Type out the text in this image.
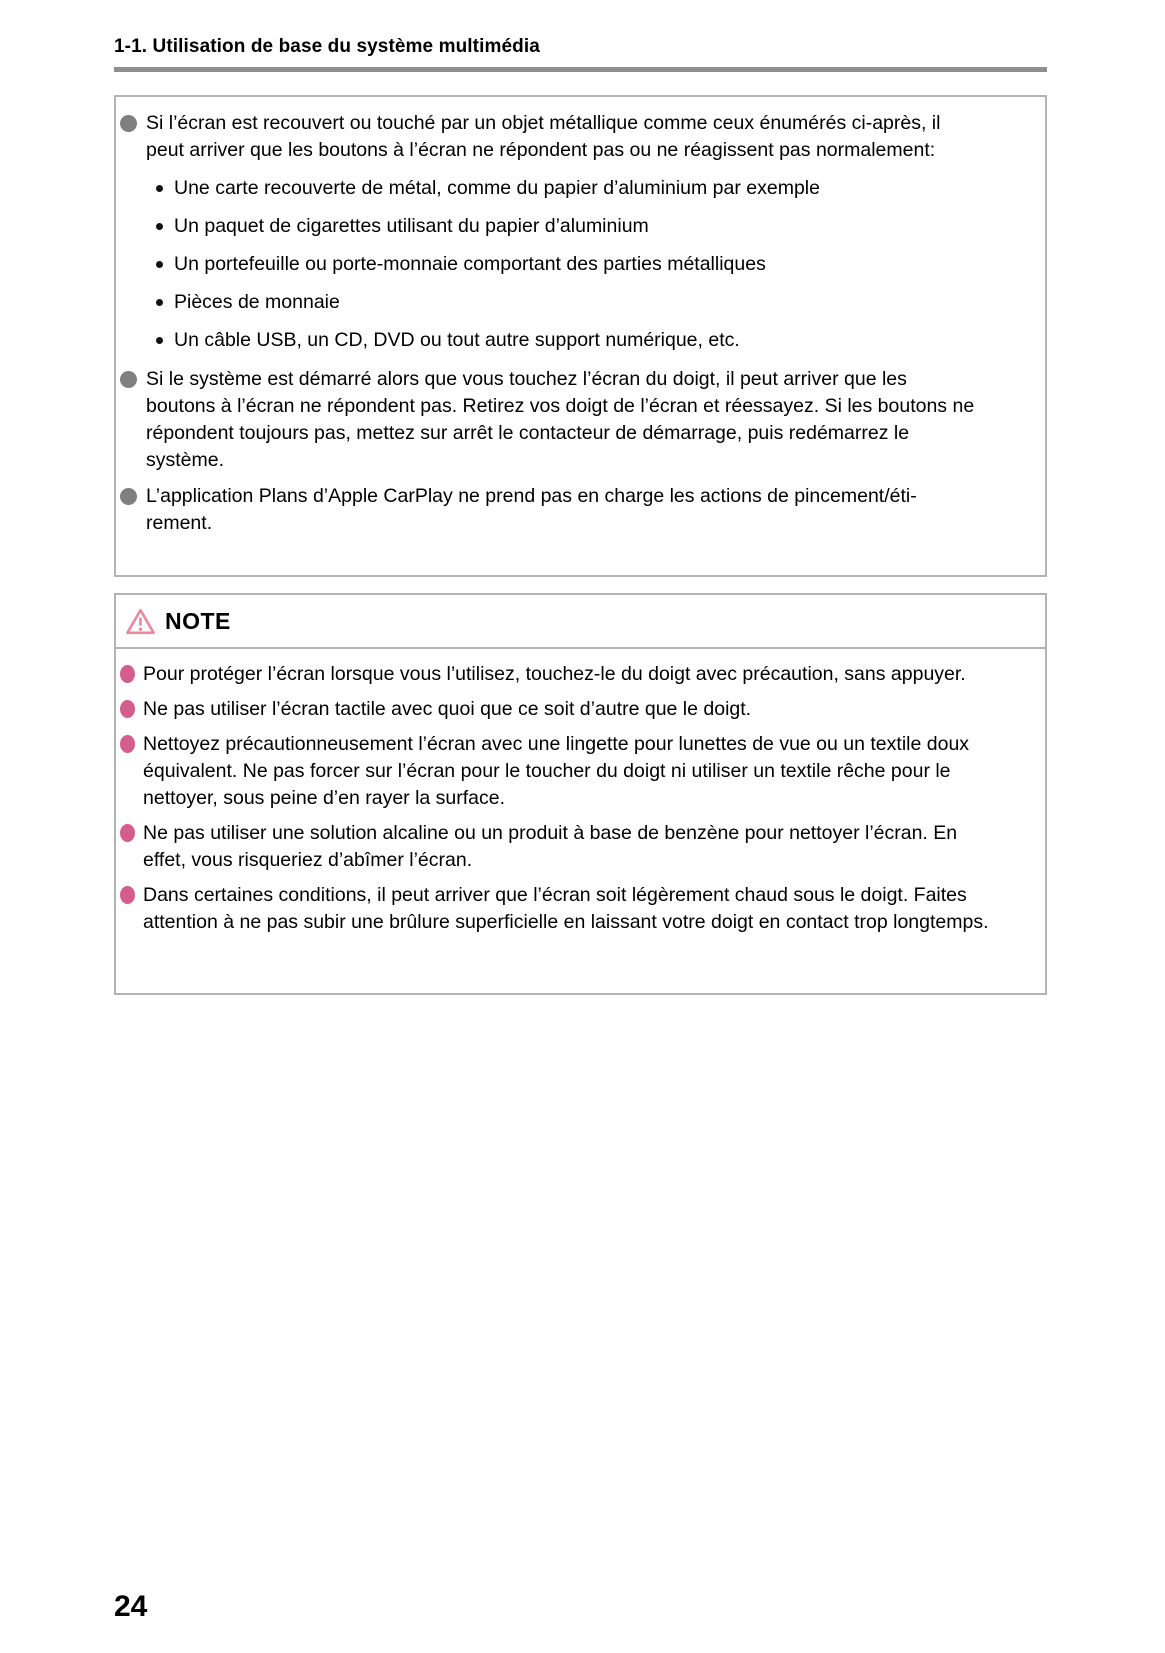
1-1. Utilisation de base du système multimédia
Si l’écran est recouvert ou touché par un objet métallique comme ceux énumérés ci-après, il peut arriver que les boutons à l’écran ne répondent pas ou ne réagissent pas normalement:
Une carte recouverte de métal, comme du papier d’aluminium par exemple
Un paquet de cigarettes utilisant du papier d’aluminium
Un portefeuille ou porte-monnaie comportant des parties métalliques
Pièces de monnaie
Un câble USB, un CD, DVD ou tout autre support numérique, etc.
Si le système est démarré alors que vous touchez l’écran du doigt, il peut arriver que les boutons à l’écran ne répondent pas. Retirez vos doigt de l’écran et réessayez. Si les boutons ne répondent toujours pas, mettez sur arrêt le contacteur de démarrage, puis redémarrez le système.
L’application Plans d’Apple CarPlay ne prend pas en charge les actions de pincement/éti-rement.
NOTE
Pour protéger l’écran lorsque vous l’utilisez, touchez-le du doigt avec précaution, sans appuyer.
Ne pas utiliser l’écran tactile avec quoi que ce soit d’autre que le doigt.
Nettoyez précautionneusement l’écran avec une lingette pour lunettes de vue ou un textile doux équivalent. Ne pas forcer sur l’écran pour le toucher du doigt ni utiliser un textile rêche pour le nettoyer, sous peine d’en rayer la surface.
Ne pas utiliser une solution alcaline ou un produit à base de benzène pour nettoyer l’écran. En effet, vous risqueriez d’abîmer l’écran.
Dans certaines conditions, il peut arriver que l’écran soit légèrement chaud sous le doigt. Faites attention à ne pas subir une brûlure superficielle en laissant votre doigt en contact trop longtemps.
24
